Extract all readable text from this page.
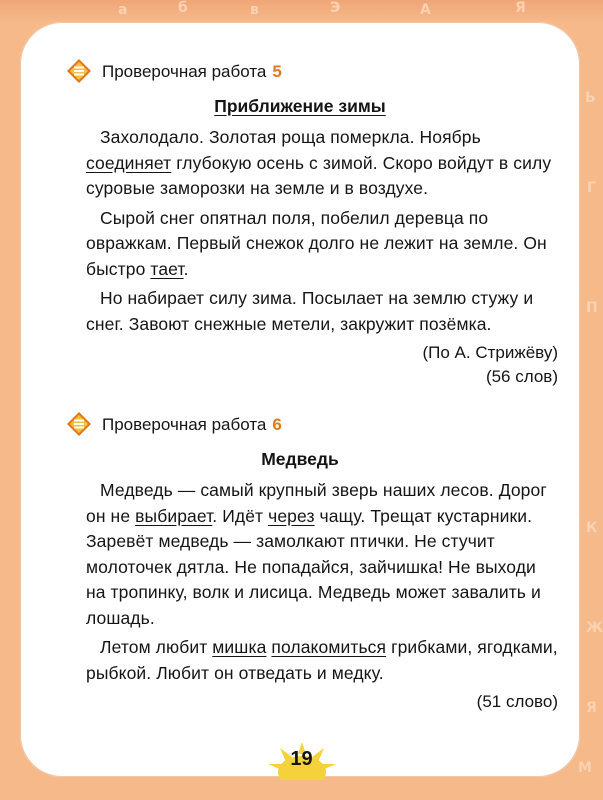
а	б	в	Э	А	Я
Ь
Г
П
К
Ж
Я
М
Проверочная работа 5
Приближение зимы

Захолодало. Золотая роща померкла. Ноябрь соединяет глубокую осень с зимой. Скоро войдут в силу суровые заморозки на земле и в воздухе.

Сырой снег опятнал поля, побелил деревца по овражкам. Первый снежок долго не лежит на земле. Он быстро тает.

Но набирает силу зима. Посылает на землю стужу и снег. Завоют снежные метели, закружит позёмка.

(По А. Стрижёву)
(56 слов)
Проверочная работа 6
Медведь

Медведь — самый крупный зверь наших лесов. Дорог он не выбирает. Идёт через чащу. Трещат кустарники. Заревёт медведь — замолкают птички. Не стучит молоточек дятла. Не попадайся, зайчишка! Не выходи на тропинку, волк и лисица. Медведь может завалить и лошадь.

Летом любит мишка полакомиться грибками, ягодками, рыбкой. Любит он отведать и медку.

(51 слово)
19
